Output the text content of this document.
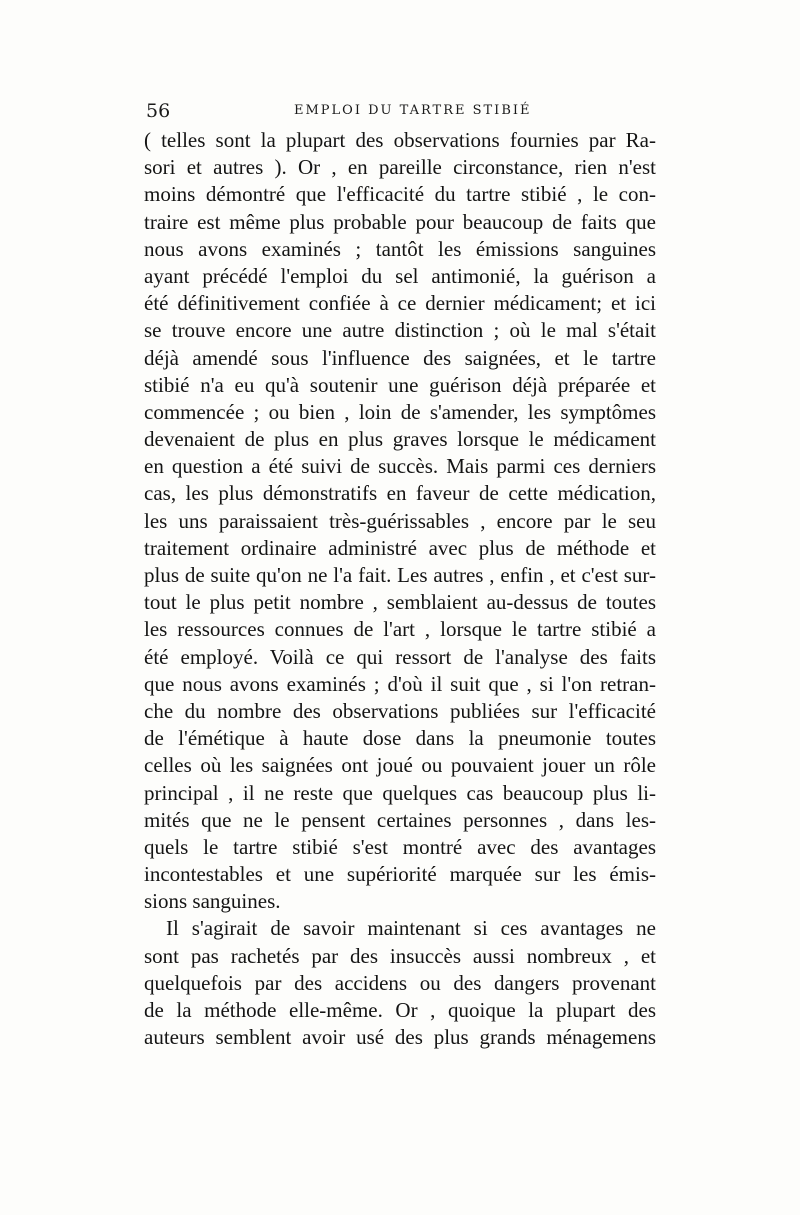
56	EMPLOI DU TARTRE STIBIÉ
( telles sont la plupart des observations fournies par Ra-
sori et autres ). Or , en pareille circonstance, rien n'est
moins démontré que l'efficacité du tartre stibié , le con-
traire est même plus probable pour beaucoup de faits que
nous avons examinés ; tantôt les émissions sanguines
ayant précédé l'emploi du sel antimonié, la guérison a
été définitivement confiée à ce dernier médicament; et ici
se trouve encore une autre distinction ; où le mal s'était
déjà amendé sous l'influence des saignées, et le tartre
stibié n'a eu qu'à soutenir une guérison déjà préparée et
commencée ; ou bien , loin de s'amender, les symptômes
devenaient de plus en plus graves lorsque le médicament
en question a été suivi de succès. Mais parmi ces derniers
cas, les plus démonstratifs en faveur de cette médication,
les uns paraissaient très-guérissables , encore par le seu
traitement ordinaire administré avec plus de méthode et
plus de suite qu'on ne l'a fait. Les autres , enfin , et c'est sur-
tout le plus petit nombre , semblaient au-dessus de toutes
les ressources connues de l'art , lorsque le tartre stibié a
été employé. Voilà ce qui ressort de l'analyse des faits
que nous avons examinés ; d'où il suit que , si l'on retran-
che du nombre des observations publiées sur l'efficacité
de l'émétique à haute dose dans la pneumonie toutes
celles où les saignées ont joué ou pouvaient jouer un rôle
principal , il ne reste que quelques cas beaucoup plus li-
mités que ne le pensent certaines personnes , dans les-
quels le tartre stibié s'est montré avec des avantages
incontestables et une supériorité marquée sur les émis-
sions sanguines.
Il s'agirait de savoir maintenant si ces avantages ne
sont pas rachetés par des insuccès aussi nombreux , et
quelquefois par des accidens ou des dangers provenant
de la méthode elle-même. Or , quoique la plupart des
auteurs semblent avoir usé des plus grands ménagemens
